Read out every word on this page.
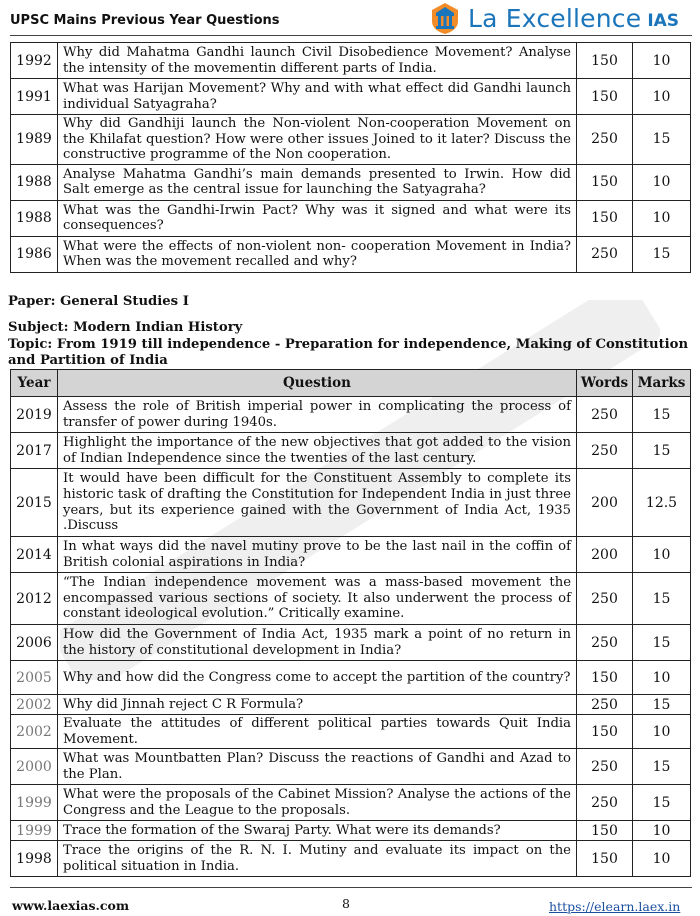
UPSC Mains Previous Year Questions	La Excellence IAS
1992	Why did Mahatma Gandhi launch Civil Disobedience Movement? Analyse the intensity of the movementin different parts of India.	150	10
1991	What was Harijan Movement? Why and with what effect did Gandhi launch individual Satyagraha?	150	10
1989	Why did Gandhiji launch the Non-violent Non-cooperation Movement on the Khilafat question? How were other issues Joined to it later? Discuss the constructive programme of the Non cooperation.	250	15
1988	Analyse Mahatma Gandhi’s main demands presented to Irwin. How did Salt emerge as the central issue for launching the Satyagraha?	150	10
1988	What was the Gandhi-Irwin Pact? Why was it signed and what were its consequences?	150	10
1986	What were the effects of non-violent non- cooperation Movement in India?When was the movement recalled and why?	250	15
Paper: General Studies I
Subject: Modern Indian History
Topic: From 1919 till independence - Preparation for independence, Making of Constitution and Partition of India
Year	Question	Words	Marks
2019	Assess the role of British imperial power in complicating the process of transfer of power during 1940s.	250	15
2017	Highlight the importance of the new objectives that got added to the vision of Indian Independence since the twenties of the last century.	250	15
2015	It would have been difficult for the Constituent Assembly to complete its historic task of drafting the Constitution for Independent India in just three years, but its experience gained with the Government of India Act, 1935 .Discuss	200	12.5
2014	In what ways did the navel mutiny prove to be the last nail in the coffin of British colonial aspirations in India?	200	10
2012	“The Indian independence movement was a mass-based movement the encompassed various sections of society. It also underwent the process of constant ideological evolution.” Critically examine.	250	15
2006	How did the Government of India Act, 1935 mark a point of no return in the history of constitutional development in India?	250	15
2005	Why and how did the Congress come to accept the partition of the country?	150	10
2002	Why did Jinnah reject C R Formula?	250	15
2002	Evaluate the attitudes of different political parties towards Quit India Movement.	150	10
2000	What was Mountbatten Plan? Discuss the reactions of Gandhi and Azad to the Plan.	250	15
1999	What were the proposals of the Cabinet Mission? Analyse the actions of the Congress and the League to the proposals.	250	15
1999	Trace the formation of the Swaraj Party. What were its demands?	150	10
1998	Trace the origins of the R. N. I. Mutiny and evaluate its impact on the political situation in India.	150	10
www.laexias.com	8	https://elearn.laex.in
